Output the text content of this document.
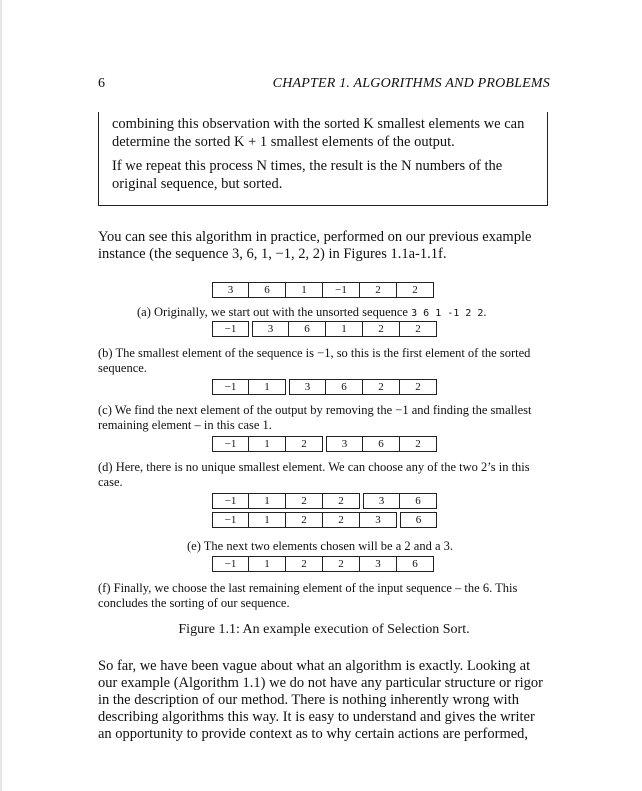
6	CHAPTER 1. ALGORITHMS AND PROBLEMS

combining this observation with the sorted K smallest elements we can determine the sorted K + 1 smallest elements of the output.

If we repeat this process N times, the result is the N numbers of the original sequence, but sorted.

You can see this algorithm in practice, performed on our previous example instance (the sequence 3, 6, 1, −1, 2, 2) in Figures 1.1a-1.1f.
3	6	1	−1	2	2
(a) Originally, we start out with the unsorted sequence 3 6 1 -1 2 2.
−1	3	6	1	2	2
(b) The smallest element of the sequence is −1, so this is the first element of the sorted sequence.
−1	1	3	6	2	2
(c) We find the next element of the output by removing the −1 and finding the smallest remaining element – in this case 1.
−1	1	2	3	6	2
(d) Here, there is no unique smallest element. We can choose any of the two 2’s in this case.
−1	1	2	2	3	6
−1	1	2	2	3	6
(e) The next two elements chosen will be a 2 and a 3.
−1	1	2	2	3	6
(f) Finally, we choose the last remaining element of the input sequence – the 6. This concludes the sorting of our sequence.
Figure 1.1: An example execution of Selection Sort.
So far, we have been vague about what an algorithm is exactly. Looking at our example (Algorithm 1.1) we do not have any particular structure or rigor in the description of our method. There is nothing inherently wrong with describing algorithms this way. It is easy to understand and gives the writer an opportunity to provide context as to why certain actions are performed,
